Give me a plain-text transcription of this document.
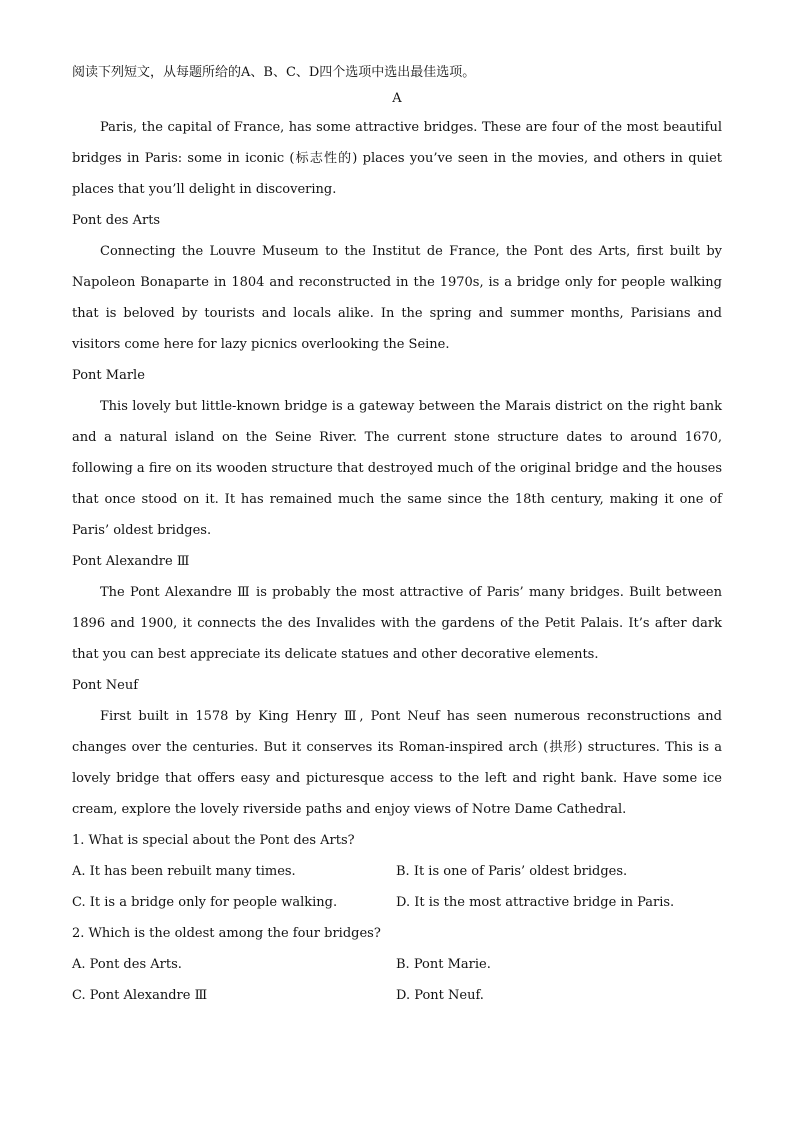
阅读下列短文，从每题所给的A、B、C、D四个选项中选出最佳选项。

A

Paris, the capital of France, has some attractive bridges. These are four of the most beautiful bridges in Paris: some in iconic (标志性的) places you’ve seen in the movies, and others in quiet places that you’ll delight in discovering.

Pont des Arts

Connecting the Louvre Museum to the Institut de France, the Pont des Arts, first built by Napoleon Bonaparte in 1804 and reconstructed in the 1970s, is a bridge only for people walking that is beloved by tourists and locals alike. In the spring and summer months, Parisians and visitors come here for lazy picnics overlooking the Seine.

Pont Marle

This lovely but little-known bridge is a gateway between the Marais district on the right bank and a natural island on the Seine River. The current stone structure dates to around 1670, following a fire on its wooden structure that destroyed much of the original bridge and the houses that once stood on it. It has remained much the same since the 18th century, making it one of Paris’ oldest bridges.

Pont Alexandre Ⅲ

The Pont Alexandre Ⅲ is probably the most attractive of Paris’ many bridges. Built between 1896 and 1900, it connects the des Invalides with the gardens of the Petit Palais. It’s after dark that you can best appreciate its delicate statues and other decorative elements.

Pont Neuf

First built in 1578 by King Henry Ⅲ, Pont Neuf has seen numerous reconstructions and changes over the centuries. But it conserves its Roman-inspired arch (拱形) structures. This is a lovely bridge that offers easy and picturesque access to the left and right bank. Have some ice cream, explore the lovely riverside paths and enjoy views of Notre Dame Cathedral.

1. What is special about the Pont des Arts?

A. It has been rebuilt many times.	B. It is one of Paris’ oldest bridges.
C. It is a bridge only for people walking.	D. It is the most attractive bridge in Paris.

2. Which is the oldest among the four bridges?

A. Pont des Arts.	B. Pont Marie.
C. Pont Alexandre Ⅲ	D. Pont Neuf.
